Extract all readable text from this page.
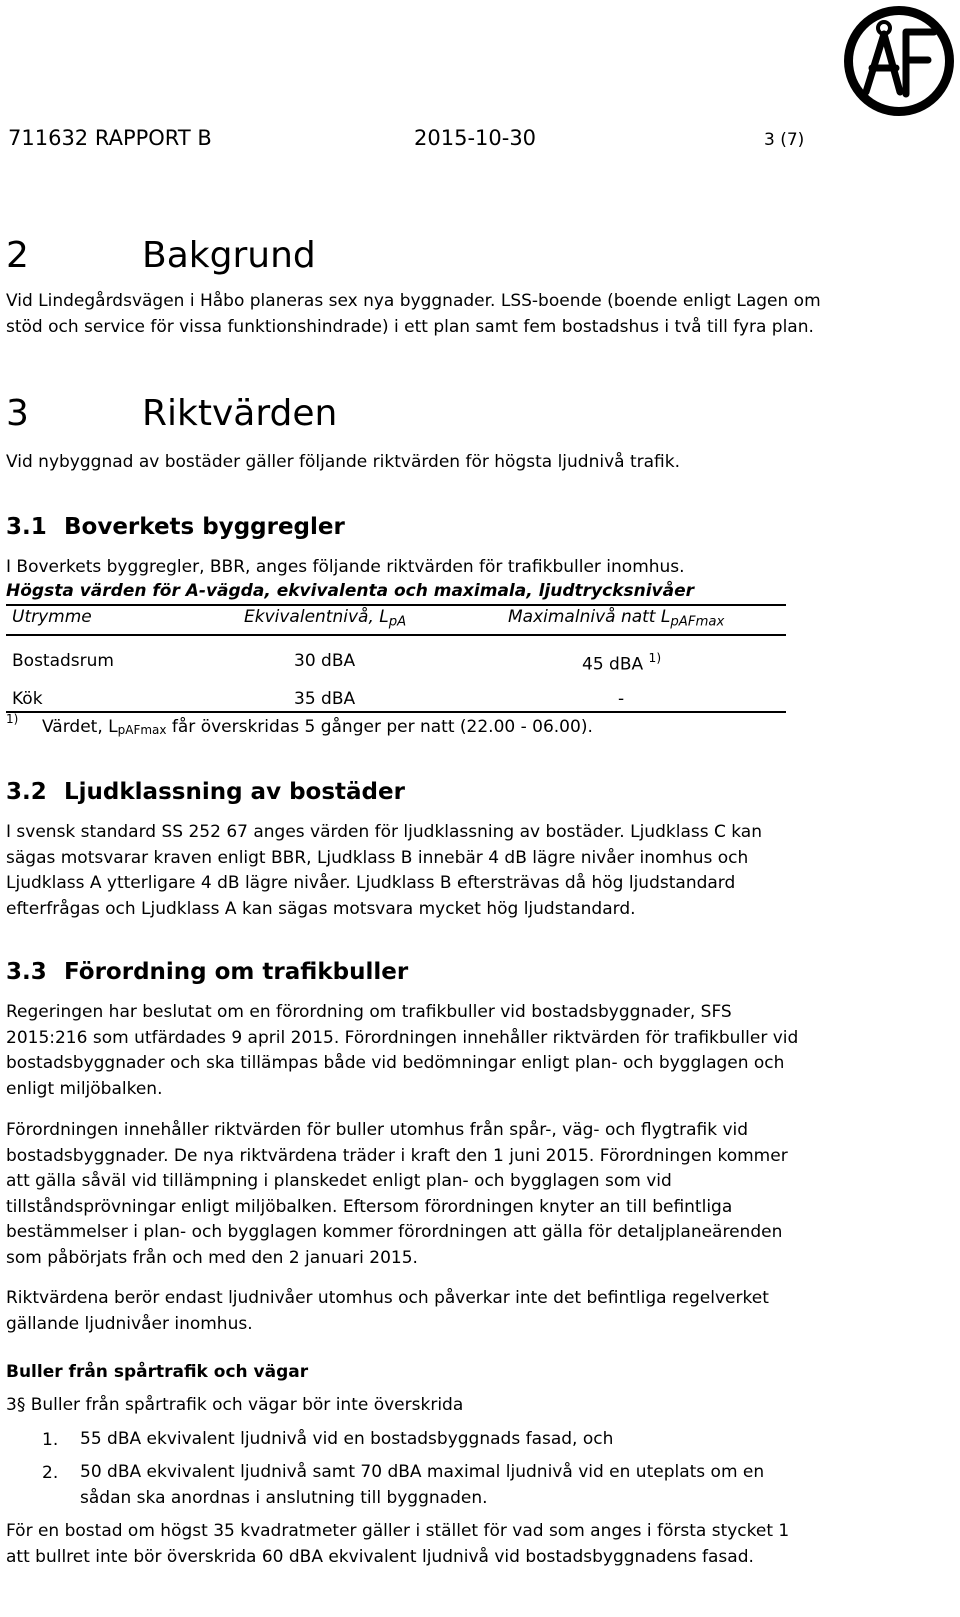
711632 RAPPORT B	2015-10-30	3 (7)
2	Bakgrund
Vid Lindegårdsvägen i Håbo planeras sex nya byggnader. LSS-boende (boende enligt Lagen om stöd och service för vissa funktionshindrade) i ett plan samt fem bostadshus i två till fyra plan.
3	Riktvärden
Vid nybyggnad av bostäder gäller följande riktvärden för högsta ljudnivå trafik.
3.1 Boverkets byggregler
I Boverkets byggregler, BBR, anges följande riktvärden för trafikbuller inomhus.
Högsta värden för A-vägda, ekvivalenta och maximala, ljudtrycksnivåer
Utrymme	Ekvivalentnivå, $L_{pA}$	Maximalnivå natt $L_{pAFmax}$
Bostadsrum	30 dBA	45 dBA $^{1)}$
Kök	35 dBA	-
1) Värdet, LpAFmax får överskridas 5 gånger per natt (22.00 - 06.00).
3.2 Ljudklassning av bostäder
I svensk standard SS 252 67 anges värden för ljudklassning av bostäder. Ljudklass C kan sägas motsvarar kraven enligt BBR, Ljudklass B innebär 4 dB lägre nivåer inomhus och Ljudklass A ytterligare 4 dB lägre nivåer. Ljudklass B eftersträvas då hög ljudstandard efterfrågas och Ljudklass A kan sägas motsvara mycket hög ljudstandard.
3.3 Förordning om trafikbuller
Regeringen har beslutat om en förordning om trafikbuller vid bostadsbyggnader, SFS 2015:216 som utfärdades 9 april 2015. Förordningen innehåller riktvärden för trafikbuller vid bostadsbyggnader och ska tillämpas både vid bedömningar enligt plan- och bygglagen och enligt miljöbalken.
Förordningen innehåller riktvärden för buller utomhus från spår-, väg- och flygtrafik vid bostadsbyggnader. De nya riktvärdena träder i kraft den 1 juni 2015. Förordningen kommer att gälla såväl vid tillämpning i planskedet enligt plan- och bygglagen som vid tillståndsprövningar enligt miljöbalken. Eftersom förordningen knyter an till befintliga bestämmelser i plan- och bygglagen kommer förordningen att gälla för detaljplaneärenden som påbörjats från och med den 2 januari 2015.
Riktvärdena berör endast ljudnivåer utomhus och påverkar inte det befintliga regelverket gällande ljudnivåer inomhus.
Buller från spårtrafik och vägar
3§ Buller från spårtrafik och vägar bör inte överskrida
1. 55 dBA ekvivalent ljudnivå vid en bostadsbyggnads fasad, och
2. 50 dBA ekvivalent ljudnivå samt 70 dBA maximal ljudnivå vid en uteplats om en sådan ska anordnas i anslutning till byggnaden.
För en bostad om högst 35 kvadratmeter gäller i stället för vad som anges i första stycket 1 att bullret inte bör överskrida 60 dBA ekvivalent ljudnivå vid bostadsbyggnadens fasad.
